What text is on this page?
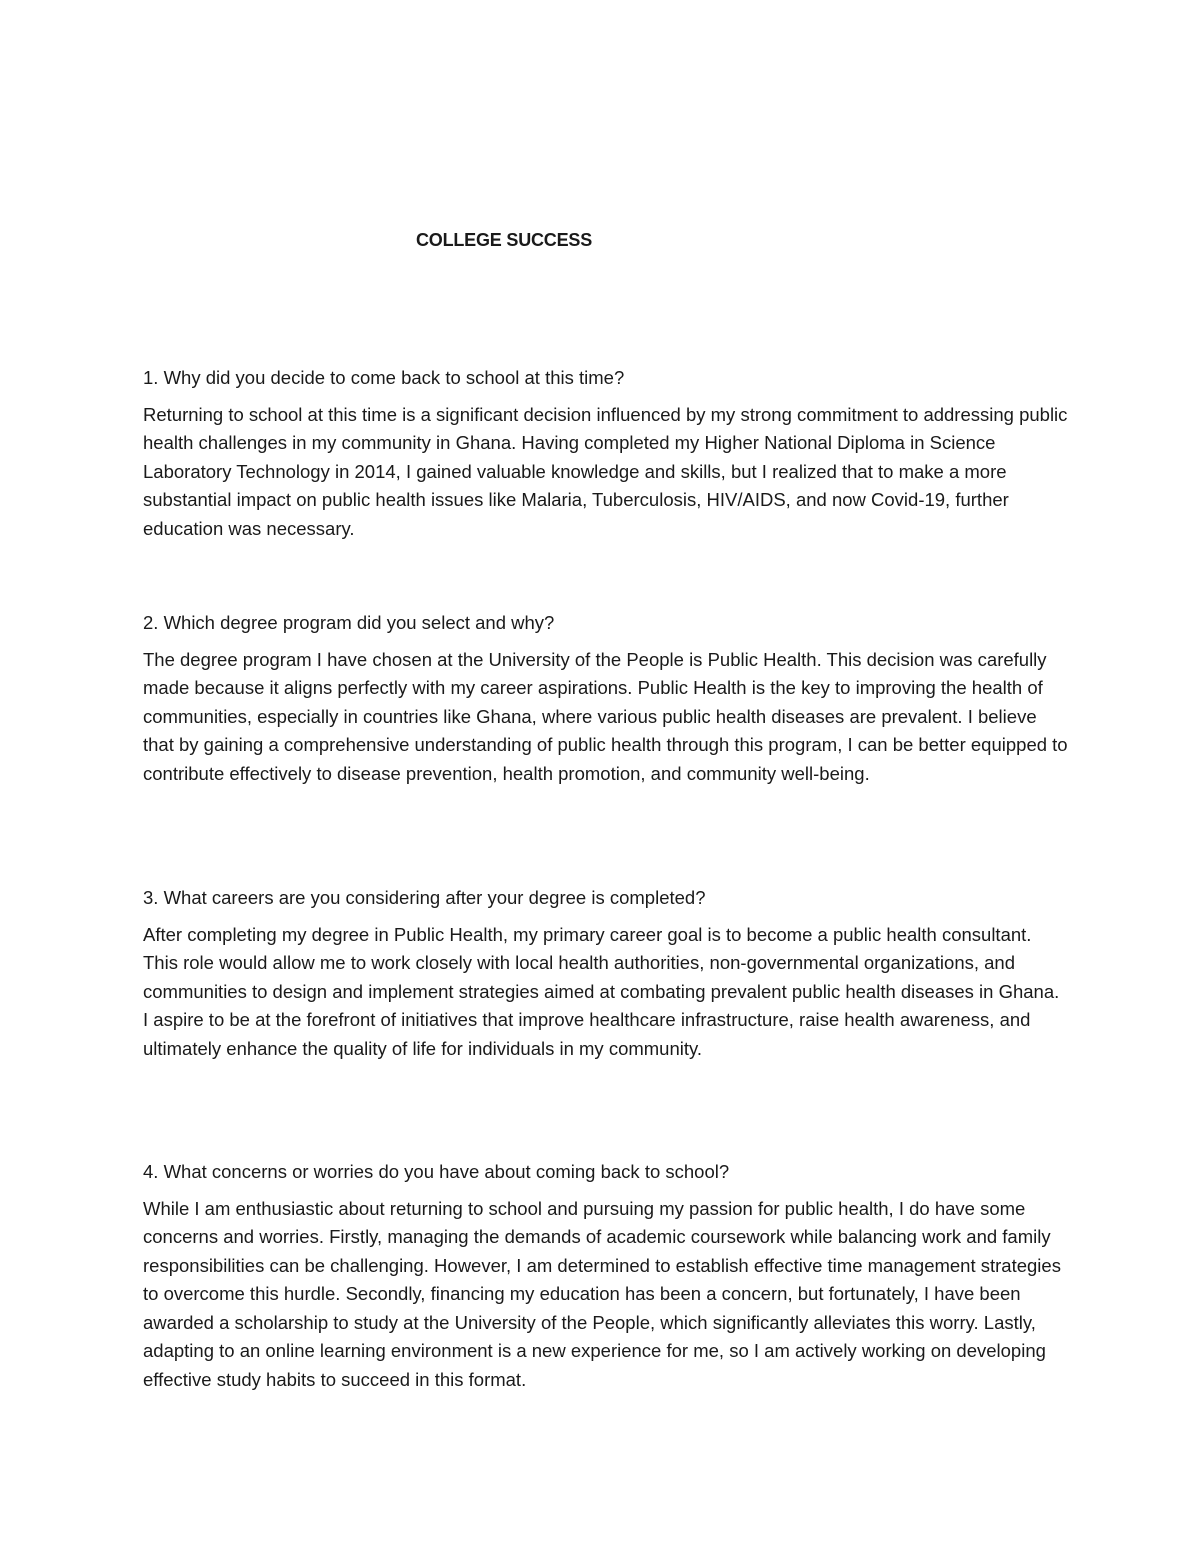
COLLEGE SUCCESS

1. Why did you decide to come back to school at this time?

Returning to school at this time is a significant decision influenced by my strong commitment to addressing public health challenges in my community in Ghana. Having completed my Higher National Diploma in Science Laboratory Technology in 2014, I gained valuable knowledge and skills, but I realized that to make a more substantial impact on public health issues like Malaria, Tuberculosis, HIV/AIDS, and now Covid-19, further education was necessary.

2. Which degree program did you select and why?

The degree program I have chosen at the University of the People is Public Health. This decision was carefully made because it aligns perfectly with my career aspirations. Public Health is the key to improving the health of communities, especially in countries like Ghana, where various public health diseases are prevalent. I believe that by gaining a comprehensive understanding of public health through this program, I can be better equipped to contribute effectively to disease prevention, health promotion, and community well-being.

3. What careers are you considering after your degree is completed?

After completing my degree in Public Health, my primary career goal is to become a public health consultant. This role would allow me to work closely with local health authorities, non-governmental organizations, and communities to design and implement strategies aimed at combating prevalent public health diseases in Ghana. I aspire to be at the forefront of initiatives that improve healthcare infrastructure, raise health awareness, and ultimately enhance the quality of life for individuals in my community.

4. What concerns or worries do you have about coming back to school?

While I am enthusiastic about returning to school and pursuing my passion for public health, I do have some concerns and worries. Firstly, managing the demands of academic coursework while balancing work and family responsibilities can be challenging. However, I am determined to establish effective time management strategies to overcome this hurdle. Secondly, financing my education has been a concern, but fortunately, I have been awarded a scholarship to study at the University of the People, which significantly alleviates this worry. Lastly, adapting to an online learning environment is a new experience for me, so I am actively working on developing effective study habits to succeed in this format.
